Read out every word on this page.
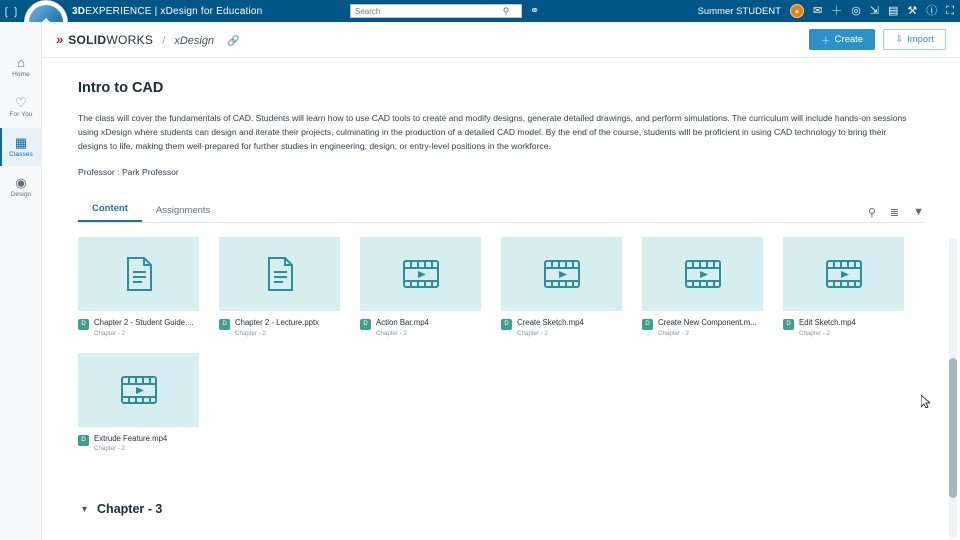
❲❳	3DEXPERIENCE | xDesign for Education
Search	⚲	⚭	Summer STUDENT	●	✉ ＋ ◎ ⇲ ▤ ⚒ ⓘ ⛶
⌂
Home
♡
For You
▦
Classes
◉
Design
» SOLIDWORKS / xDesign 🔗	＋ Create	⇩ Import
Intro to CAD
The class will cover the fundamentals of CAD. Students will learn how to use CAD tools to create and modify designs, generate detailed drawings, and perform simulations. The curriculum will include hands-on sessions using xDesign where students can design and iterate their projects, culminating in the production of a detailed CAD model. By the end of the course, students will be proficient in using CAD technology to bring their designs to life, making them well-prepared for further studies in engineering, design, or entry-level positions in the workforce.
Professor : Park Professor
Content	Assignments	⚲ ≣ ▼
D	Chapter 2 - Student Guide....
Chapter - 2
D	Chapter 2 - Lecture.pptx
Chapter - 2
D	Action Bar.mp4
Chapter - 2
D	Create Sketch.mp4
Chapter - 2
D	Create New Component.m...
Chapter - 2
D	Edit Sketch.mp4
Chapter - 2
D	Extrude Feature.mp4
Chapter - 2
▾ Chapter - 3
